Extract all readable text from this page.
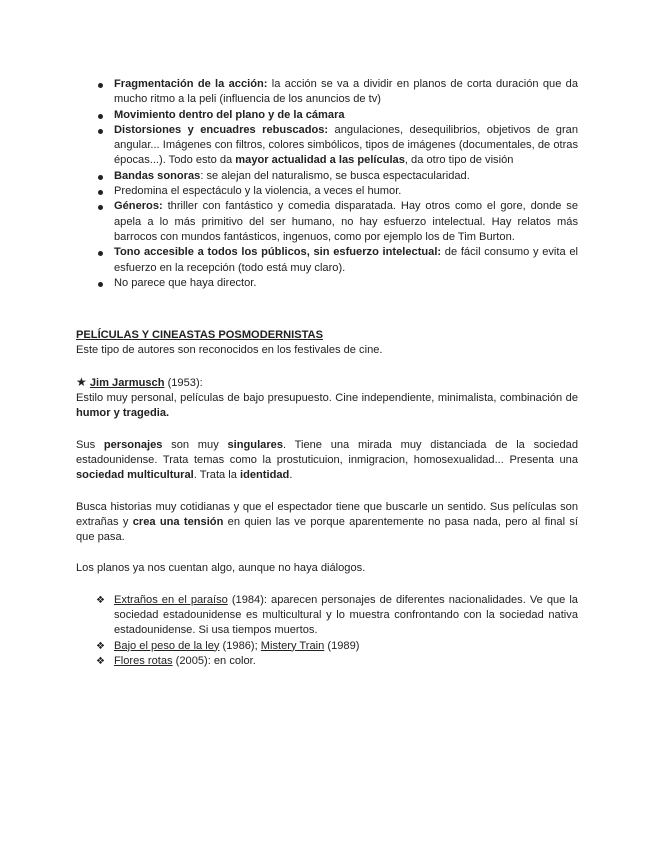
Fragmentación de la acción: la acción se va a dividir en planos de corta duración que da mucho ritmo a la peli (influencia de los anuncios de tv)
Movimiento dentro del plano y de la cámara
Distorsiones y encuadres rebuscados: angulaciones, desequilibrios, objetivos de gran angular... Imágenes con filtros, colores simbólicos, tipos de imágenes (documentales, de otras épocas...). Todo esto da mayor actualidad a las películas, da otro tipo de visión
Bandas sonoras: se alejan del naturalismo, se busca espectacularidad.
Predomina el espectáculo y la violencia, a veces el humor.
Géneros: thriller con fantástico y comedia disparatada. Hay otros como el gore, donde se apela a lo más primitivo del ser humano, no hay esfuerzo intelectual. Hay relatos más barrocos con mundos fantásticos, ingenuos, como por ejemplo los de Tim Burton.
Tono accesible a todos los públicos, sin esfuerzo intelectual: de fácil consumo y evita el esfuerzo en la recepción (todo está muy claro).
No parece que haya director.
PELÍCULAS Y CINEASTAS POSMODERNISTAS
Este tipo de autores son reconocidos en los festivales de cine.
★ Jim Jarmusch (1953):
Estilo muy personal, películas de bajo presupuesto. Cine independiente, minimalista, combinación de humor y tragedia.
Sus personajes son muy singulares. Tiene una mirada muy distanciada de la sociedad estadounidense. Trata temas como la prostuticuion, inmigracion, homosexualidad... Presenta una sociedad multicultural. Trata la identidad.
Busca historias muy cotidianas y que el espectador tiene que buscarle un sentido. Sus películas son extrañas y crea una tensión en quien las ve porque aparentemente no pasa nada, pero al final sí que pasa.
Los planos ya nos cuentan algo, aunque no haya diálogos.
❖ Extraños en el paraíso (1984): aparecen personajes de diferentes nacionalidades. Ve que la sociedad estadounidense es multicultural y lo muestra confrontando con la sociedad nativa estadounidense. Si usa tiempos muertos.
❖ Bajo el peso de la ley (1986); Mistery Train (1989)
❖ Flores rotas (2005): en color.
